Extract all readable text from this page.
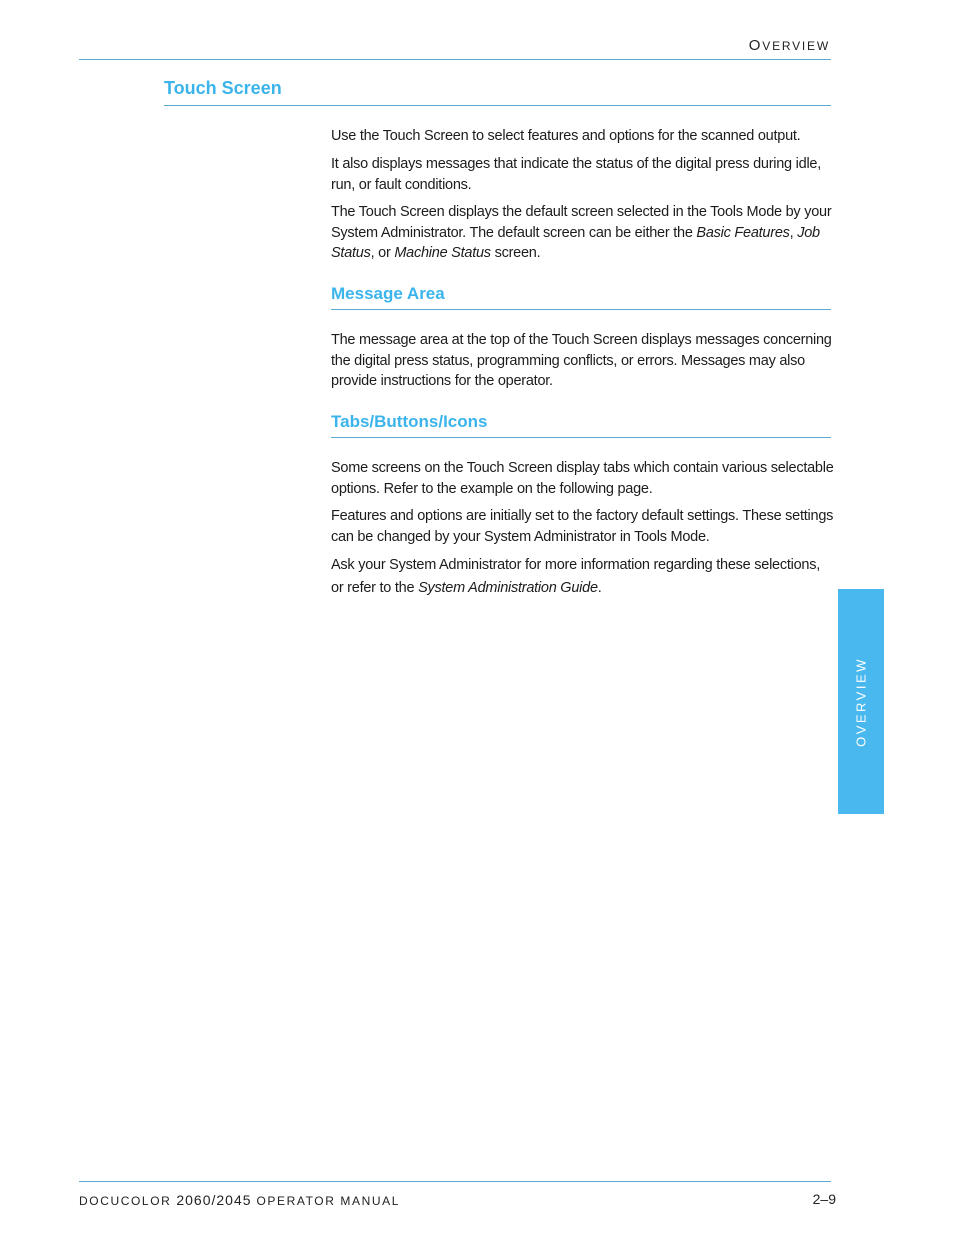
OVERVIEW
Touch Screen

Use the Touch Screen to select features and options for the scanned output.

It also displays messages that indicate the status of the digital press during idle, run, or fault conditions.

The Touch Screen displays the default screen selected in the Tools Mode by your System Administrator. The default screen can be either the Basic Features, Job Status, or Machine Status screen.

Message Area

The message area at the top of the Touch Screen displays messages concerning the digital press status, programming conflicts, or errors. Messages may also provide instructions for the operator.

Tabs/Buttons/Icons

Some screens on the Touch Screen display tabs which contain various selectable options. Refer to the example on the following page.

Features and options are initially set to the factory default settings. These settings can be changed by your System Administrator in Tools Mode.

Ask your System Administrator for more information regarding these selections, or refer to the System Administration Guide.

OVERVIEW
DOCUCOLOR 2060/2045 OPERATOR MANUAL	2–9
